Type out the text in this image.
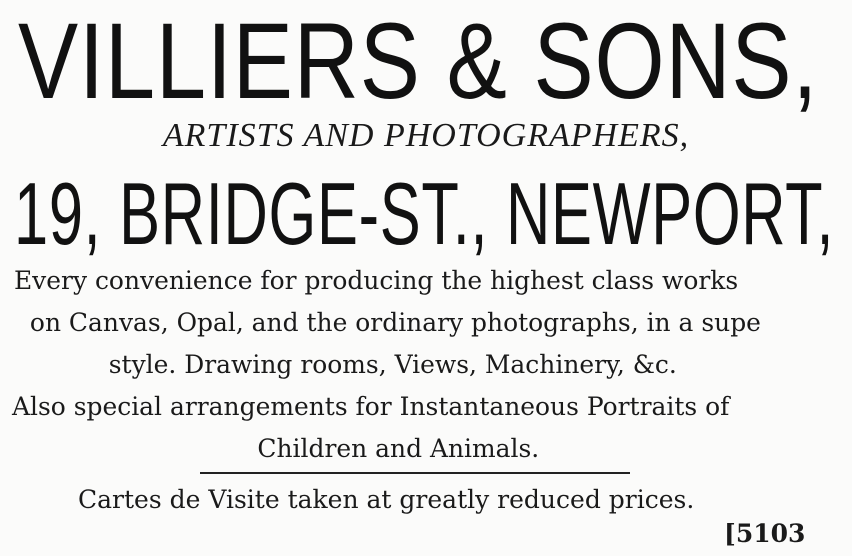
VILLIERS & SONS,
ARTISTS AND PHOTOGRAPHERS,
19, BRIDGE-ST., NEWPORT,
Every convenience for producing the highest class works
on Canvas, Opal, and the ordinary photographs, in a supe
style. Drawing rooms, Views, Machinery, &c.
Also special arrangements for Instantaneous Portraits of
Children and Animals.
Cartes de Visite taken at greatly reduced prices.
[5103
